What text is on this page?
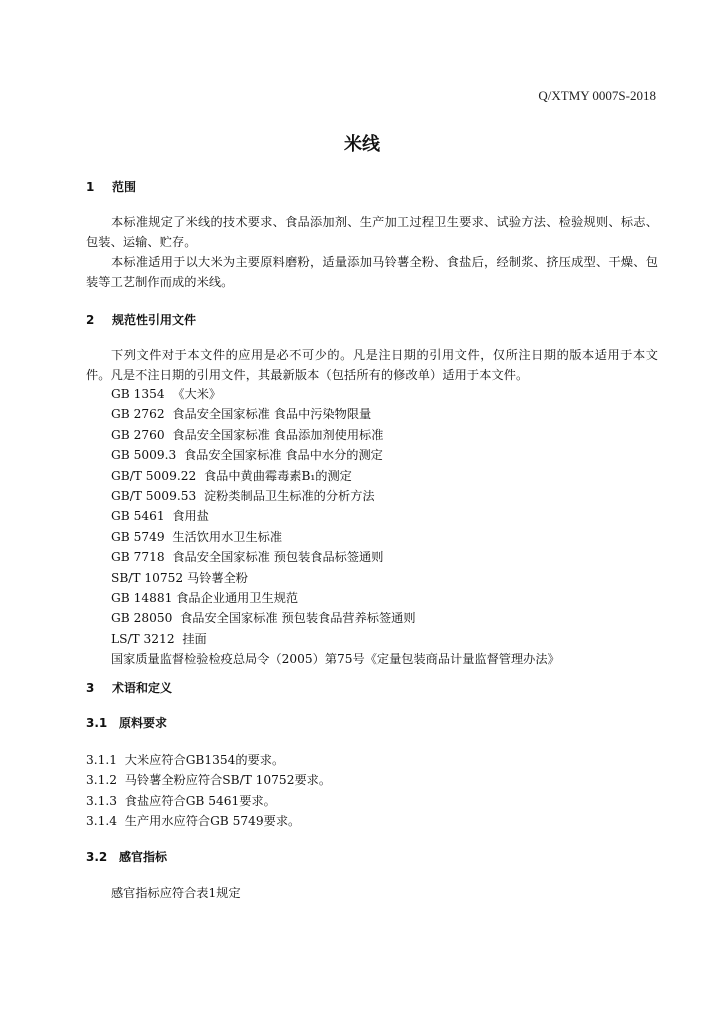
Q/XTMY 0007S-2018
米线
1 范围
本标准规定了米线的技术要求、食品添加剂、生产加工过程卫生要求、试验方法、检验规则、标志、包装、运输、贮存。
本标准适用于以大米为主要原料磨粉，适量添加马铃薯全粉、食盐后，经制浆、挤压成型、干燥、包装等工艺制作而成的米线。
2 规范性引用文件
下列文件对于本文件的应用是必不可少的。凡是注日期的引用文件，仅所注日期的版本适用于本文件。凡是不注日期的引用文件，其最新版本（包括所有的修改单）适用于本文件。
GB 1354  《大米》
GB 2762  食品安全国家标准 食品中污染物限量
GB 2760  食品安全国家标准 食品添加剂使用标准
GB 5009.3  食品安全国家标准 食品中水分的测定
GB/T 5009.22  食品中黄曲霉毒素B₁的测定
GB/T 5009.53  淀粉类制品卫生标准的分析方法
GB 5461  食用盐
GB 5749  生活饮用水卫生标准
GB 7718  食品安全国家标准 预包装食品标签通则
SB/T 10752 马铃薯全粉
GB 14881 食品企业通用卫生规范
GB 28050  食品安全国家标准 预包装食品营养标签通则
LS/T 3212  挂面
国家质量监督检验检疫总局令（2005）第75号《定量包装商品计量监督管理办法》
3 术语和定义
3.1 原料要求
3.1.1  大米应符合GB1354的要求。
3.1.2  马铃薯全粉应符合SB/T 10752要求。
3.1.3  食盐应符合GB 5461要求。
3.1.4  生产用水应符合GB 5749要求。
3.2 感官指标
感官指标应符合表1规定
